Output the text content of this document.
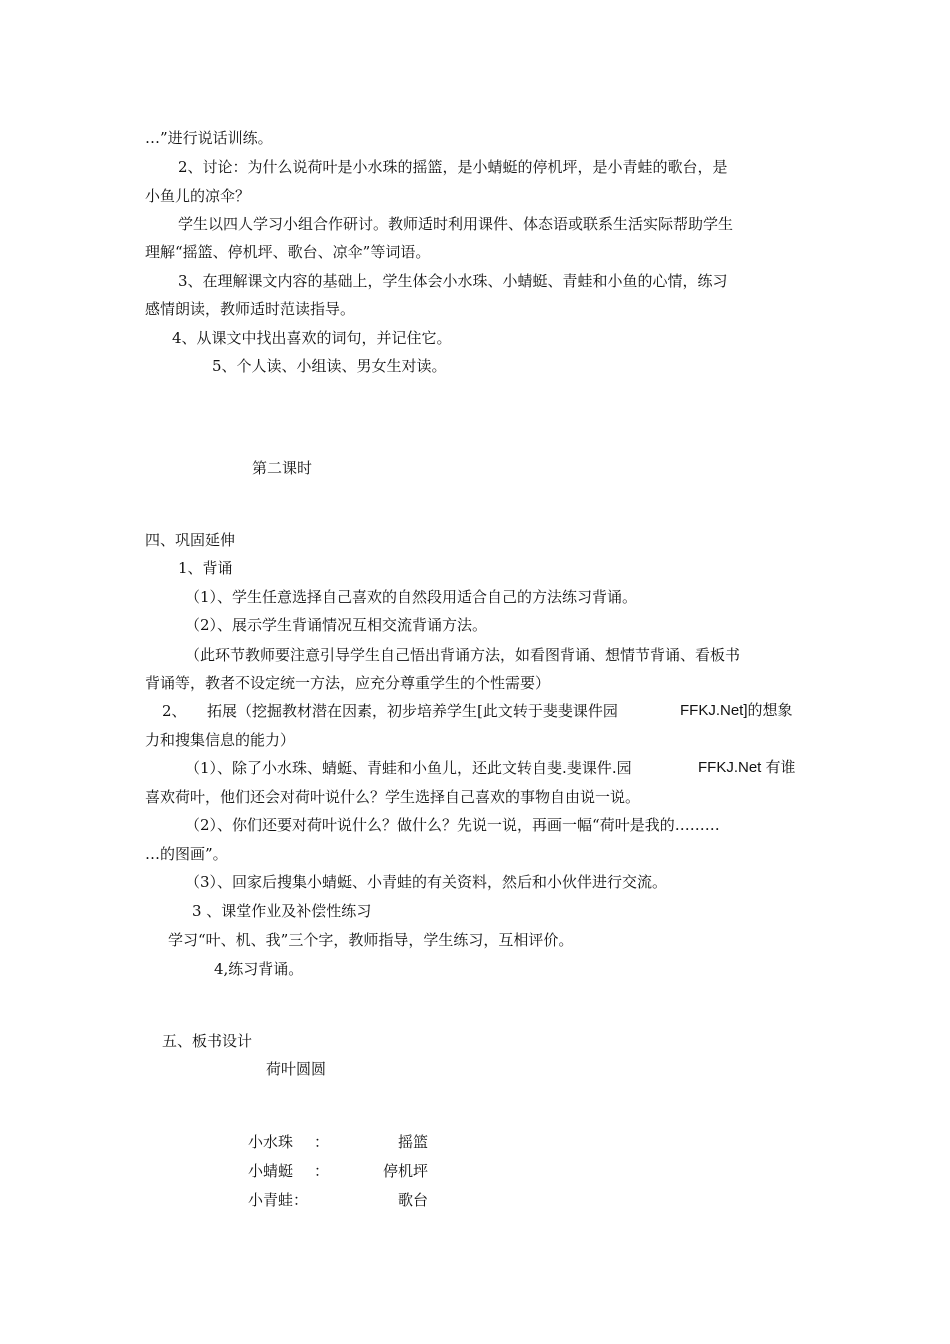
…”进行说话训练。
2、讨论：为什么说荷叶是小水珠的摇篮，是小蜻蜓的停机坪，是小青蛙的歌台，是
小鱼儿的凉伞？
学生以四人学习小组合作研讨。教师适时利用课件、体态语或联系生活实际帮助学生
理解“摇篮、停机坪、歌台、凉伞”等词语。
3、在理解课文内容的基础上，学生体会小水珠、小蜻蜓、青蛙和小鱼的心情，练习
感情朗读，教师适时范读指导。
4、从课文中找出喜欢的词句，并记住它。
5、个人读、小组读、男女生对读。
第二课时
四、巩固延伸
1、背诵
（1）、学生任意选择自己喜欢的自然段用适合自己的方法练习背诵。
（2）、展示学生背诵情况互相交流背诵方法。
（此环节教师要注意引导学生自己悟出背诵方法，如看图背诵、想情节背诵、看板书
背诵等，教者不设定统一方法，应充分尊重学生的个性需要）
2、 拓展（挖掘教材潜在因素，初步培养学生[此文转于斐斐课件园	FFKJ.Net]的想象
力和搜集信息的能力）
（1）、除了小水珠、蜻蜓、青蛙和小鱼儿，还此文转自斐.斐课件.园	FFKJ.Net 有谁
喜欢荷叶，他们还会对荷叶说什么？学生选择自己喜欢的事物自由说一说。
（2）、你们还要对荷叶说什么？做什么？先说一说，再画一幅“荷叶是我的………
…的图画”。
（3）、回家后搜集小蜻蜓、小青蛙的有关资料，然后和小伙伴进行交流。
3 、课堂作业及补偿性练习
学习“叶、机、我”三个字，教师指导，学生练习，互相评价。
4,练习背诵。
五、板书设计
荷叶圆圆
小水珠 ：	摇篮
小蜻蜓 ：	停机坪
小青蛙：	歌台
